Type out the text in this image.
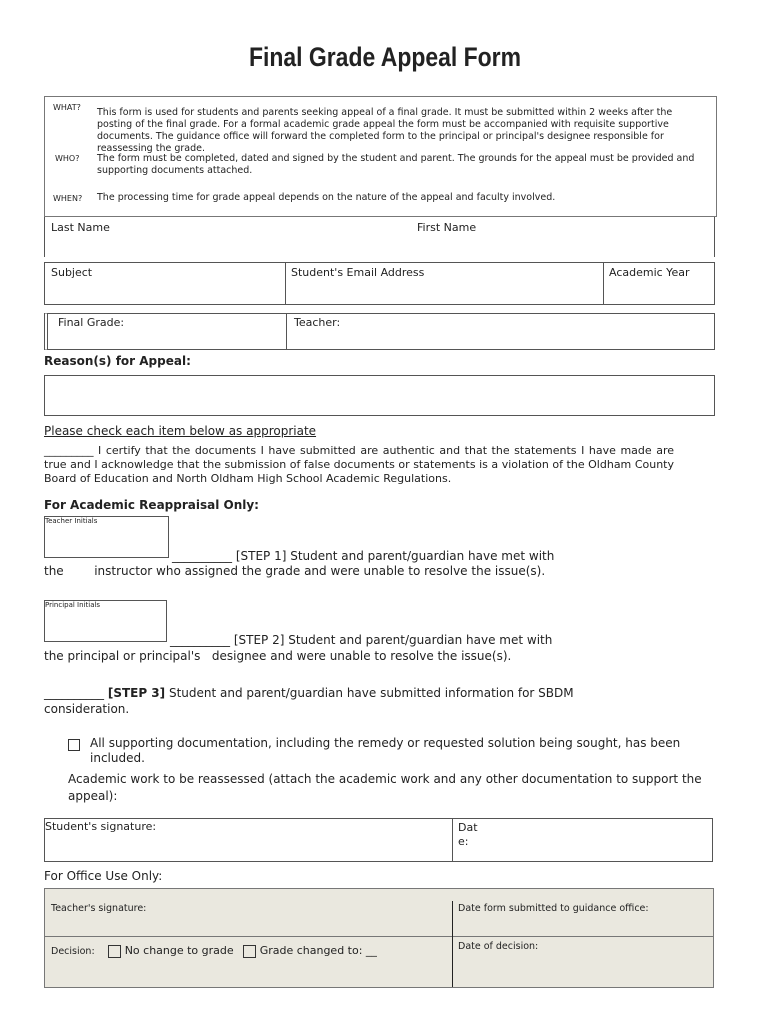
Final Grade Appeal Form
WHAT? This form is used for students and parents seeking appeal of a final grade. It must be submitted within 2 weeks after the posting of the final grade. For a formal academic grade appeal the form must be accompanied with requisite supportive documents. The guidance office will forward the completed form to the principal or principal's designee responsible for reassessing the grade.
WHO? The form must be completed, dated and signed by the student and parent. The grounds for the appeal must be provided and supporting documents attached.
WHEN? The processing time for grade appeal depends on the nature of the appeal and faculty involved.
Last Name	First Name
Subject	Student's Email Address	Academic Year
Final Grade:	Teacher:
Reason(s) for Appeal:
Please check each item below as appropriate
_________ I certify that the documents I have submitted are authentic and that the statements I have made are true and I acknowledge that the submission of false documents or statements is a violation of the Oldham County Board of Education and North Oldham High School Academic Regulations.
For Academic Reappraisal Only:
Teacher Initials
__________ [STEP 1] Student and parent/guardian have met with
the        instructor who assigned the grade and were unable to resolve the issue(s).
Principal Initials
__________ [STEP 2] Student and parent/guardian have met with
the principal or principal's   designee and were unable to resolve the issue(s).
__________ [STEP 3] Student and parent/guardian have submitted information for SBDM consideration.
All supporting documentation, including the remedy or requested solution being sought, has been included.
Academic work to be reassessed (attach the academic work and any other documentation to support the appeal):
Student's signature:	Dat e:
For Office Use Only:
Teacher's signature:	Date form submitted to guidance office:
Decision:	No change to grade Grade changed to: __	Date of decision:
